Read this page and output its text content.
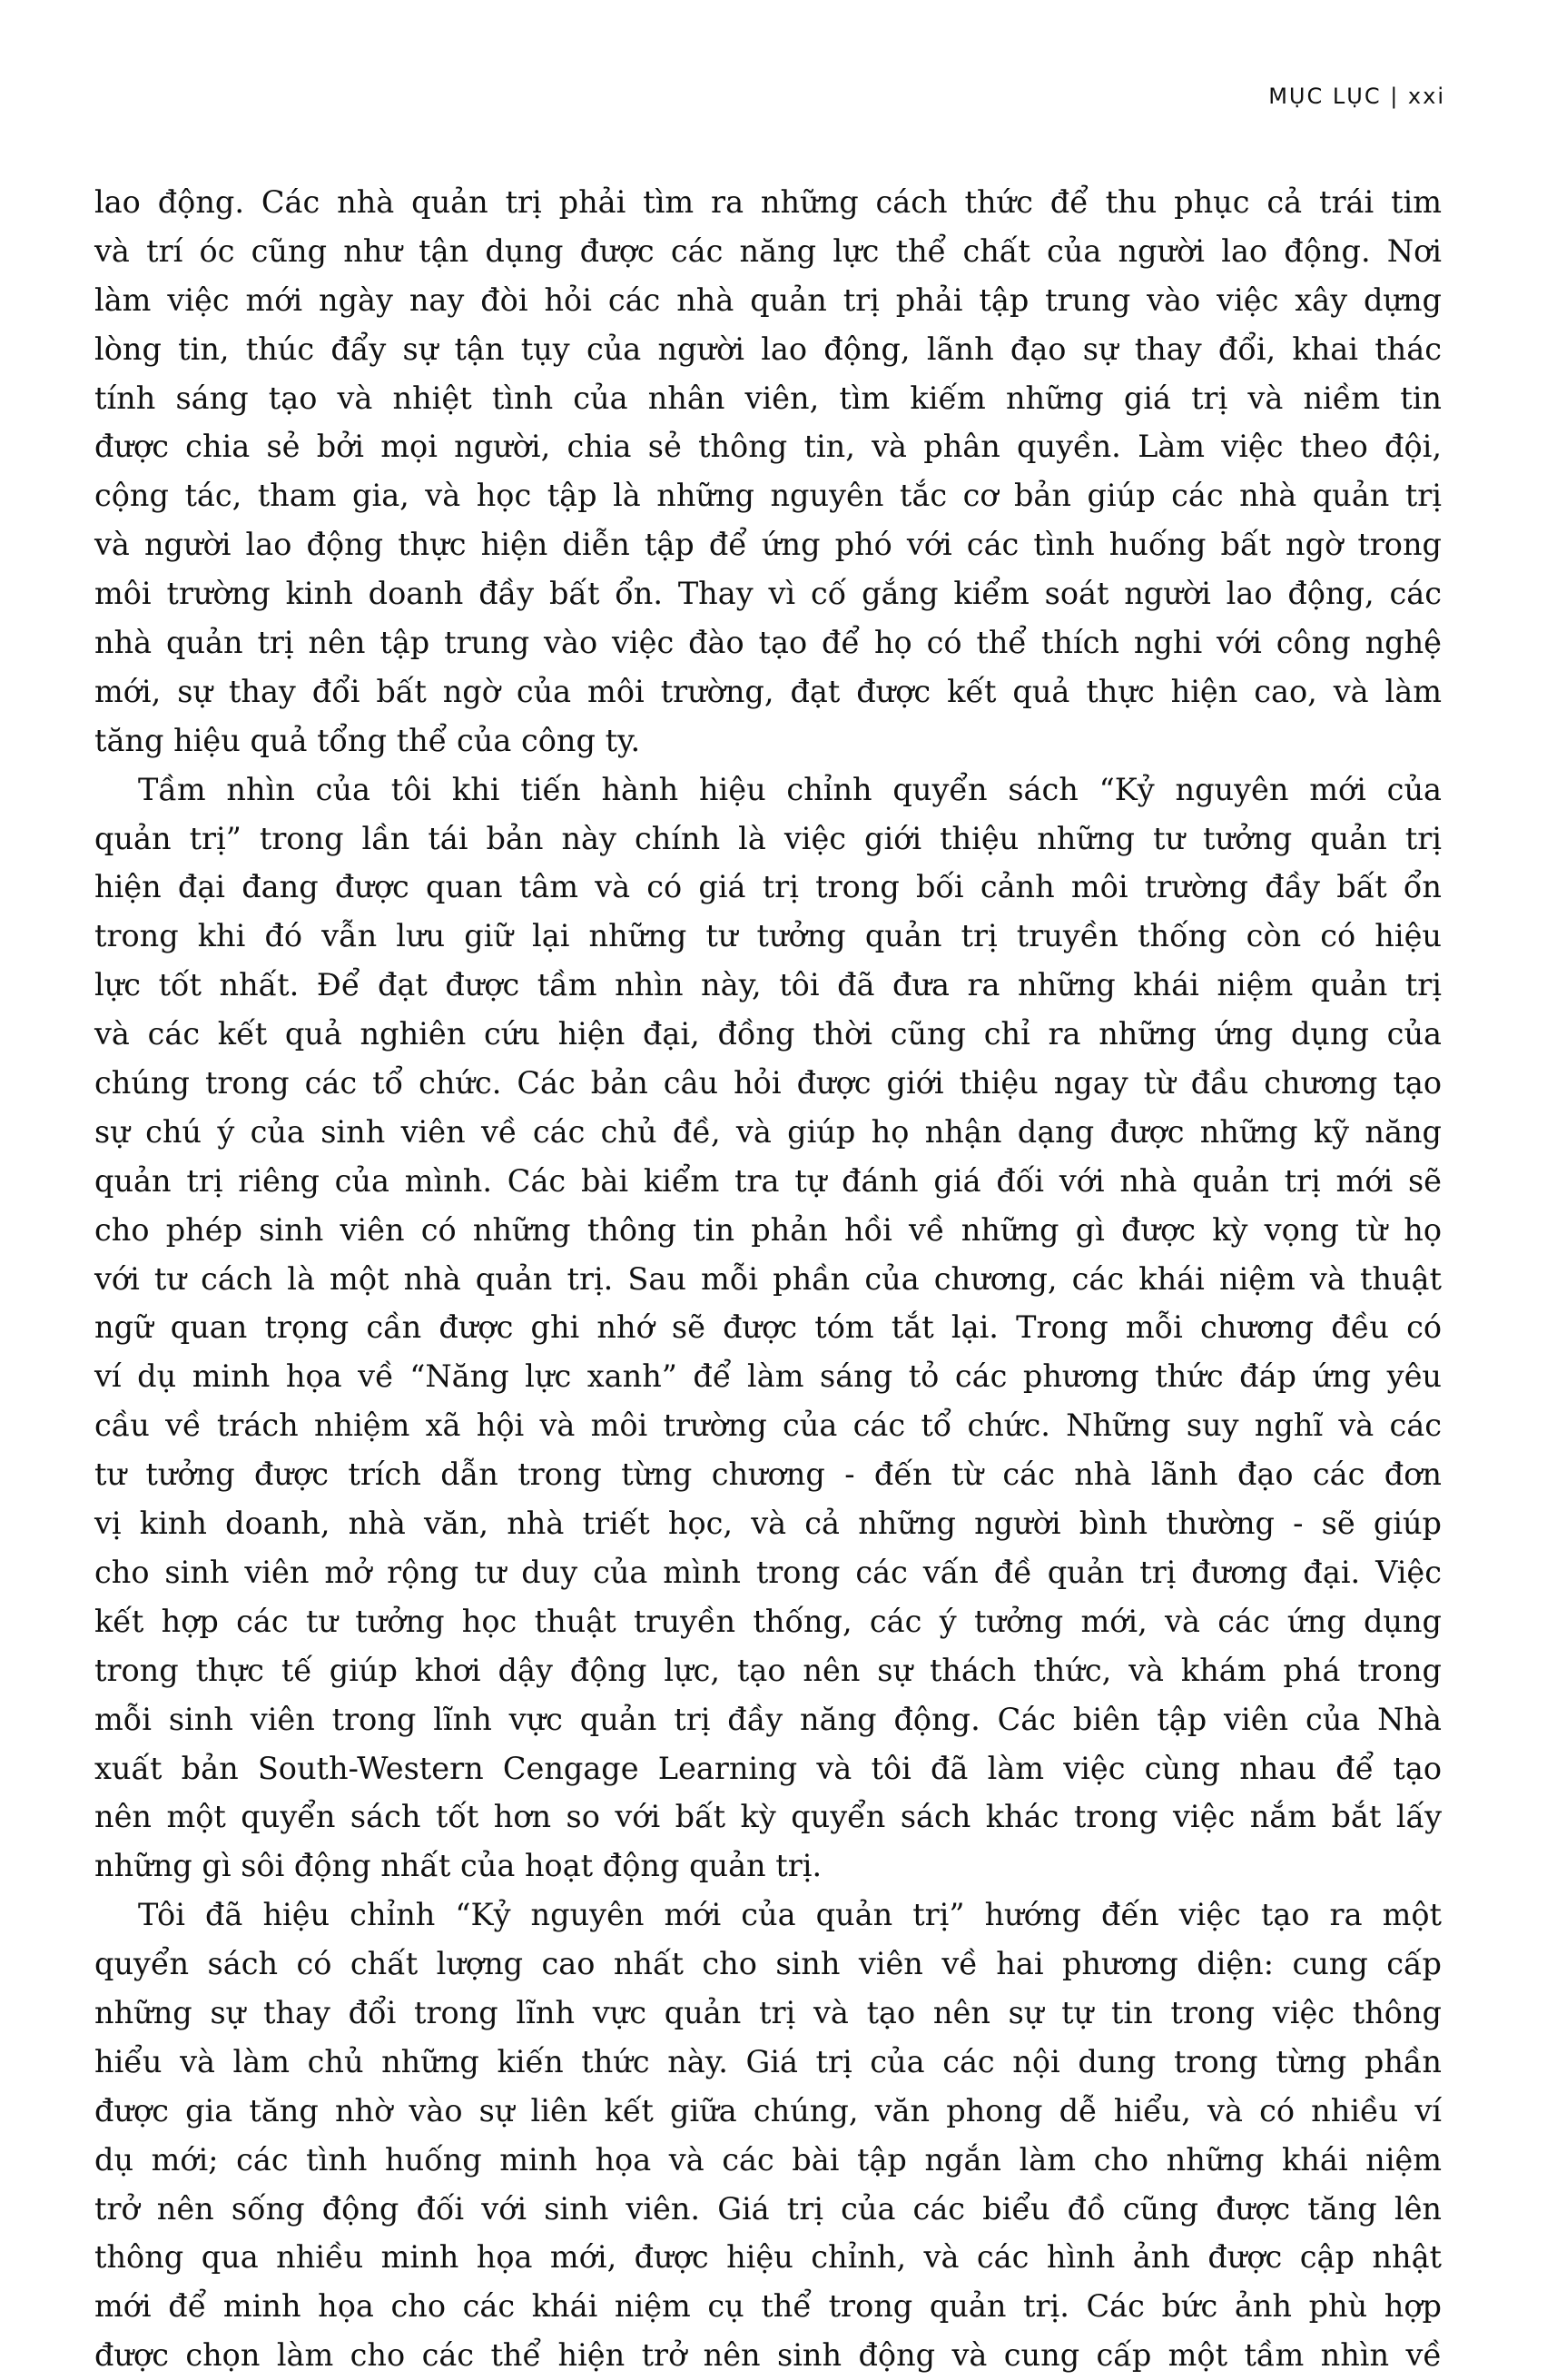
MỤC LỤC | xxi
lao động. Các nhà quản trị phải tìm ra những cách thức để thu phục cả trái tim
và trí óc cũng như tận dụng được các năng lực thể chất của người lao động. Nơi
làm việc mới ngày nay đòi hỏi các nhà quản trị phải tập trung vào việc xây dựng
lòng tin, thúc đẩy sự tận tụy của người lao động, lãnh đạo sự thay đổi, khai thác
tính sáng tạo và nhiệt tình của nhân viên, tìm kiếm những giá trị và niềm tin
được chia sẻ bởi mọi người, chia sẻ thông tin, và phân quyền. Làm việc theo đội,
cộng tác, tham gia, và học tập là những nguyên tắc cơ bản giúp các nhà quản trị
và người lao động thực hiện diễn tập để ứng phó với các tình huống bất ngờ trong
môi trường kinh doanh đầy bất ổn. Thay vì cố gắng kiểm soát người lao động, các
nhà quản trị nên tập trung vào việc đào tạo để họ có thể thích nghi với công nghệ
mới, sự thay đổi bất ngờ của môi trường, đạt được kết quả thực hiện cao, và làm
tăng hiệu quả tổng thể của công ty.
Tầm nhìn của tôi khi tiến hành hiệu chỉnh quyển sách “Kỷ nguyên mới của
quản trị” trong lần tái bản này chính là việc giới thiệu những tư tưởng quản trị
hiện đại đang được quan tâm và có giá trị trong bối cảnh môi trường đầy bất ổn
trong khi đó vẫn lưu giữ lại những tư tưởng quản trị truyền thống còn có hiệu
lực tốt nhất. Để đạt được tầm nhìn này, tôi đã đưa ra những khái niệm quản trị
và các kết quả nghiên cứu hiện đại, đồng thời cũng chỉ ra những ứng dụng của
chúng trong các tổ chức. Các bản câu hỏi được giới thiệu ngay từ đầu chương tạo
sự chú ý của sinh viên về các chủ đề, và giúp họ nhận dạng được những kỹ năng
quản trị riêng của mình. Các bài kiểm tra tự đánh giá đối với nhà quản trị mới sẽ
cho phép sinh viên có những thông tin phản hồi về những gì được kỳ vọng từ họ
với tư cách là một nhà quản trị. Sau mỗi phần của chương, các khái niệm và thuật
ngữ quan trọng cần được ghi nhớ sẽ được tóm tắt lại. Trong mỗi chương đều có
ví dụ minh họa về “Năng lực xanh” để làm sáng tỏ các phương thức đáp ứng yêu
cầu về trách nhiệm xã hội và môi trường của các tổ chức. Những suy nghĩ và các
tư tưởng được trích dẫn trong từng chương - đến từ các nhà lãnh đạo các đơn
vị kinh doanh, nhà văn, nhà triết học, và cả những người bình thường - sẽ giúp
cho sinh viên mở rộng tư duy của mình trong các vấn đề quản trị đương đại. Việc
kết hợp các tư tưởng học thuật truyền thống, các ý tưởng mới, và các ứng dụng
trong thực tế giúp khơi dậy động lực, tạo nên sự thách thức, và khám phá trong
mỗi sinh viên trong lĩnh vực quản trị đầy năng động. Các biên tập viên của Nhà
xuất bản South-Western Cengage Learning và tôi đã làm việc cùng nhau để tạo
nên một quyển sách tốt hơn so với bất kỳ quyển sách khác trong việc nắm bắt lấy
những gì sôi động nhất của hoạt động quản trị.
Tôi đã hiệu chỉnh “Kỷ nguyên mới của quản trị” hướng đến việc tạo ra một
quyển sách có chất lượng cao nhất cho sinh viên về hai phương diện: cung cấp
những sự thay đổi trong lĩnh vực quản trị và tạo nên sự tự tin trong việc thông
hiểu và làm chủ những kiến thức này. Giá trị của các nội dung trong từng phần
được gia tăng nhờ vào sự liên kết giữa chúng, văn phong dễ hiểu, và có nhiều ví
dụ mới; các tình huống minh họa và các bài tập ngắn làm cho những khái niệm
trở nên sống động đối với sinh viên. Giá trị của các biểu đồ cũng được tăng lên
thông qua nhiều minh họa mới, được hiệu chỉnh, và các hình ảnh được cập nhật
mới để minh họa cho các khái niệm cụ thể trong quản trị. Các bức ảnh phù hợp
được chọn làm cho các thể hiện trở nên sinh động và cung cấp một tầm nhìn về
